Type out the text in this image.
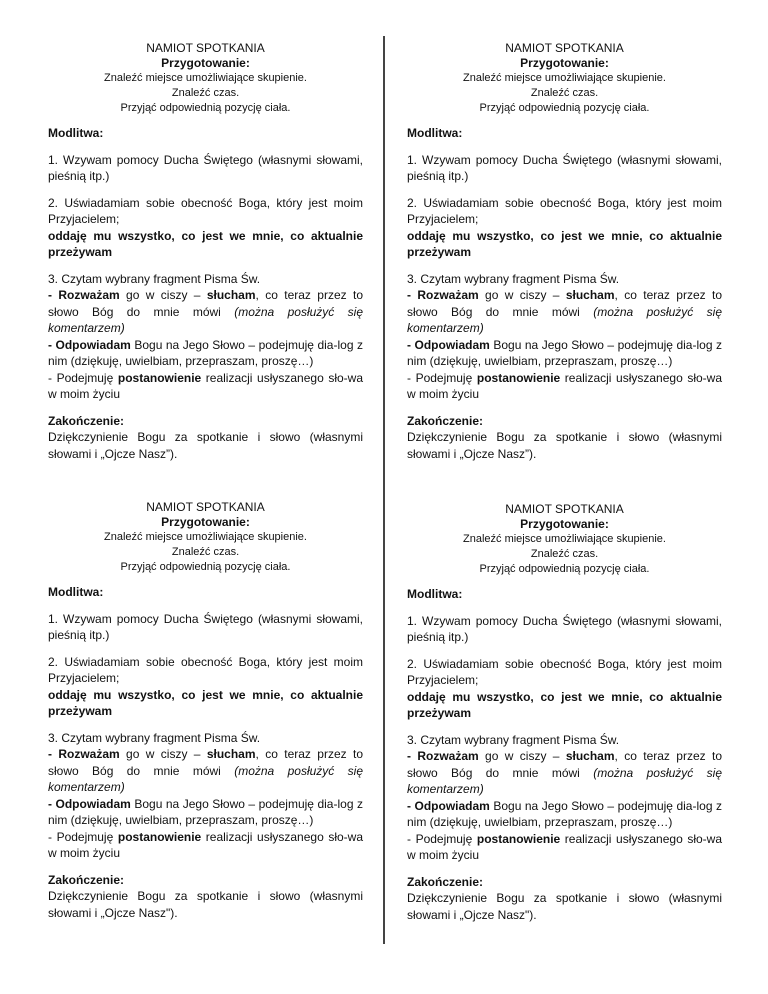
NAMIOT SPOTKANIA
Przygotowanie:
Znaleźć miejsce umożliwiające skupienie.
Znaleźć czas.
Przyjąć odpowiednią pozycję ciała.
Modlitwa:
1. Wzywam pomocy Ducha Świętego (własnymi słowami, pieśnią itp.)
2. Uświadamiam sobie obecność Boga, który jest moim Przyjacielem;
oddaję mu wszystko, co jest we mnie, co aktualnie przeżywam
3. Czytam wybrany fragment Pisma Św.
- Rozważam go w ciszy – słucham, co teraz przez to słowo Bóg do mnie mówi (można posłużyć się komentarzem)
- Odpowiadam Bogu na Jego Słowo – podejmuję dia-log z nim (dziękuję, uwielbiam, przepraszam, proszę…)
- Podejmuję postanowienie realizacji usłyszanego sło-wa w moim życiu
Zakończenie:
Dziękczynienie Bogu za spotkanie i słowo (własnymi słowami i „Ojcze Nasz”).
NAMIOT SPOTKANIA
Przygotowanie:
Znaleźć miejsce umożliwiające skupienie.
Znaleźć czas.
Przyjąć odpowiednią pozycję ciała.
Modlitwa:
1. Wzywam pomocy Ducha Świętego (własnymi słowami, pieśnią itp.)
2. Uświadamiam sobie obecność Boga, który jest moim Przyjacielem;
oddaję mu wszystko, co jest we mnie, co aktualnie przeżywam
3. Czytam wybrany fragment Pisma Św.
- Rozważam go w ciszy – słucham, co teraz przez to słowo Bóg do mnie mówi (można posłużyć się komentarzem)
- Odpowiadam Bogu na Jego Słowo – podejmuję dia-log z nim (dziękuję, uwielbiam, przepraszam, proszę…)
- Podejmuję postanowienie realizacji usłyszanego sło-wa w moim życiu
Zakończenie:
Dziękczynienie Bogu za spotkanie i słowo (własnymi słowami i „Ojcze Nasz”).
NAMIOT SPOTKANIA
Przygotowanie:
Znaleźć miejsce umożliwiające skupienie.
Znaleźć czas.
Przyjąć odpowiednią pozycję ciała.
Modlitwa:
1. Wzywam pomocy Ducha Świętego (własnymi słowami, pieśnią itp.)
2. Uświadamiam sobie obecność Boga, który jest moim Przyjacielem;
oddaję mu wszystko, co jest we mnie, co aktualnie przeżywam
3. Czytam wybrany fragment Pisma Św.
- Rozważam go w ciszy – słucham, co teraz przez to słowo Bóg do mnie mówi (można posłużyć się komentarzem)
- Odpowiadam Bogu na Jego Słowo – podejmuję dia-log z nim (dziękuję, uwielbiam, przepraszam, proszę…)
- Podejmuję postanowienie realizacji usłyszanego sło-wa w moim życiu
Zakończenie:
Dziękczynienie Bogu za spotkanie i słowo (własnymi słowami i „Ojcze Nasz").
NAMIOT SPOTKANIA
Przygotowanie:
Znaleźć miejsce umożliwiające skupienie.
Znaleźć czas.
Przyjąć odpowiednią pozycję ciała.
Modlitwa:
1. Wzywam pomocy Ducha Świętego (własnymi słowami, pieśnią itp.)
2. Uświadamiam sobie obecność Boga, który jest moim Przyjacielem;
oddaję mu wszystko, co jest we mnie, co aktualnie przeżywam
3. Czytam wybrany fragment Pisma Św.
- Rozważam go w ciszy – słucham, co teraz przez to słowo Bóg do mnie mówi (można posłużyć się komentarzem)
- Odpowiadam Bogu na Jego Słowo – podejmuję dia-log z nim (dziękuję, uwielbiam, przepraszam, proszę…)
- Podejmuję postanowienie realizacji usłyszanego sło-wa w moim życiu
Zakończenie:
Dziękczynienie Bogu za spotkanie i słowo (własnymi słowami i „Ojcze Nasz").
